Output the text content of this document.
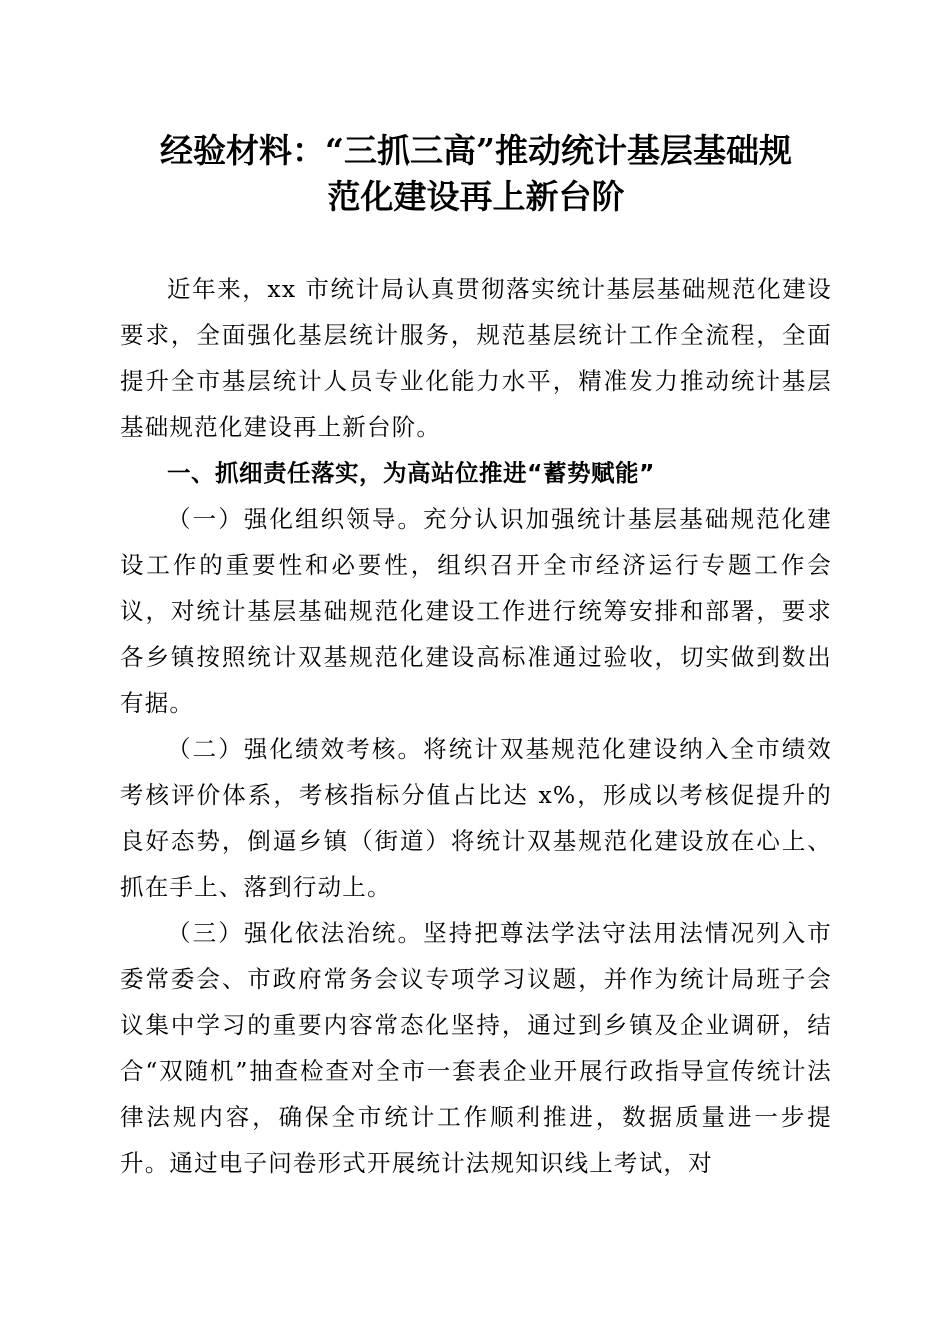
经验材料：“三抓三高”推动统计基层基础规
范化建设再上新台阶

近年来，xx 市统计局认真贯彻落实统计基层基础规范化建设要求，全面强化基层统计服务，规范基层统计工作全流程，全面提升全市基层统计人员专业化能力水平，精准发力推动统计基层基础规范化建设再上新台阶。

一、抓细责任落实，为高站位推进“蓄势赋能”

（一）强化组织领导。充分认识加强统计基层基础规范化建设工作的重要性和必要性，组织召开全市经济运行专题工作会议，对统计基层基础规范化建设工作进行统筹安排和部署，要求各乡镇按照统计双基规范化建设高标准通过验收，切实做到数出有据。

（二）强化绩效考核。将统计双基规范化建设纳入全市绩效考核评价体系，考核指标分值占比达 x%，形成以考核促提升的良好态势，倒逼乡镇（街道）将统计双基规范化建设放在心上、抓在手上、落到行动上。

（三）强化依法治统。坚持把尊法学法守法用法情况列入市委常委会、市政府常务会议专项学习议题，并作为统计局班子会议集中学习的重要内容常态化坚持，通过到乡镇及企业调研，结合“双随机”抽查检查对全市一套表企业开展行政指导宣传统计法律法规内容，确保全市统计工作顺利推进，数据质量进一步提升。通过电子问卷形式开展统计法规知识线上考试，对
